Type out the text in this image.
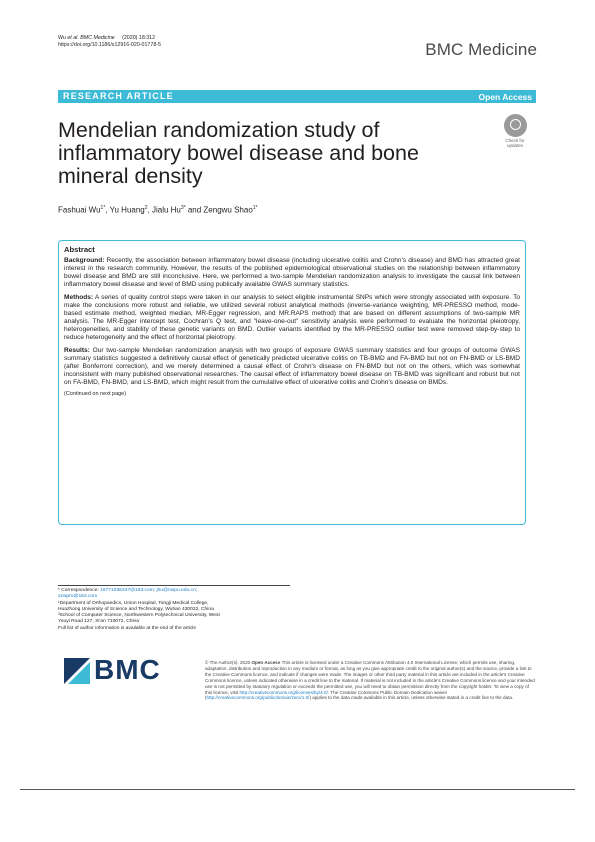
Wu et al. BMC Medicine (2020) 18:312
https://doi.org/10.1186/s12916-020-01778-5	BMC Medicine
RESEARCH ARTICLE	Open Access
Mendelian randomization study of inflammatory bowel disease and bone mineral density
Check for
updates
Fashuai $Wu^{1*}$, Yu Huang$^2$, Jialu $Hu^{3*}$ and Zengwu Shao$^{1*}$
Abstract

Background: Recently, the association between inflammatory bowel disease (including ulcerative colitis and Crohn's disease) and BMD has attracted great interest in the research community. However, the results of the published epidemiological observational studies on the relationship between inflammatory bowel disease and BMD are still inconclusive. Here, we performed a two-sample Mendelian randomization analysis to investigate the causal link between inflammatory bowel disease and level of BMD using publically available GWAS summary statistics.

Methods: A series of quality control steps were taken in our analysis to select eligible instrumental SNPs which were strongly associated with exposure. To make the conclusions more robust and reliable, we utilized several robust analytical methods (inverse-variance weighting, MR-PRESSO method, mode-based estimate method, weighted median, MR-Egger regression, and MR.RAPS method) that are based on different assumptions of two-sample MR analysis. The MR-Egger intercept test, Cochran's Q test, and “leave-one-out” sensitivity analysis were performed to evaluate the horizontal pleiotropy, heterogeneities, and stability of these genetic variants on BMD. Outlier variants identified by the MR-PRESSO outlier test were removed step-by-step to reduce heterogeneity and the effect of horizontal pleiotropy.

Results: Our two-sample Mendelian randomization analysis with two groups of exposure GWAS summary statistics and four groups of outcome GWAS summary statistics suggested a definitively causal effect of genetically predicted ulcerative colitis on TB-BMD and FA-BMD but not on FN-BMD or LS-BMD (after Bonferroni correction), and we merely determined a causal effect of Crohn's disease on FN-BMD but not on the others, which was somewhat inconsistent with many published observational researches. The causal effect of inflammatory bowel disease on TB-BMD was significant and robust but not on FA-BMD, FN-BMD, and LS-BMD, which might result from the cumulative effect of ulcerative colitis and Crohn's disease on BMDs.

(Continued on next page)
* Correspondence: 18771036347@163.com; jhu@nwpu.edu.cn;
szwpro@163.com
¹Department of Orthopaedics, Union Hospital, Tongji Medical College,
Huazhong University of Science and Technology, Wuhan 430022, China
³School of Computer Science, Northwestern Polytechnical University, West
Youyi Road 127, Xi'an 710072, China
Full list of author information is available at the end of the article
BMC	© The Author(s). 2020 Open Access This article is licensed under a Creative Commons Attribution 4.0 International License, which permits use, sharing, adaptation, distribution and reproduction in any medium or format, as long as you give appropriate credit to the original author(s) and the source, provide a link to the Creative Commons licence, and indicate if changes were made. The images or other third party material in this article are included in the article's Creative Commons licence, unless indicated otherwise in a credit line to the material. If material is not included in the article's Creative Commons licence and your intended use is not permitted by statutory regulation or exceeds the permitted use, you will need to obtain permission directly from the copyright holder. To view a copy of this licence, visit http://creativecommons.org/licenses/by/4.0/. The Creative Commons Public Domain Dedication waiver (http://creativecommons.org/publicdomain/zero/1.0/) applies to the data made available in this article, unless otherwise stated in a credit line to the data.
